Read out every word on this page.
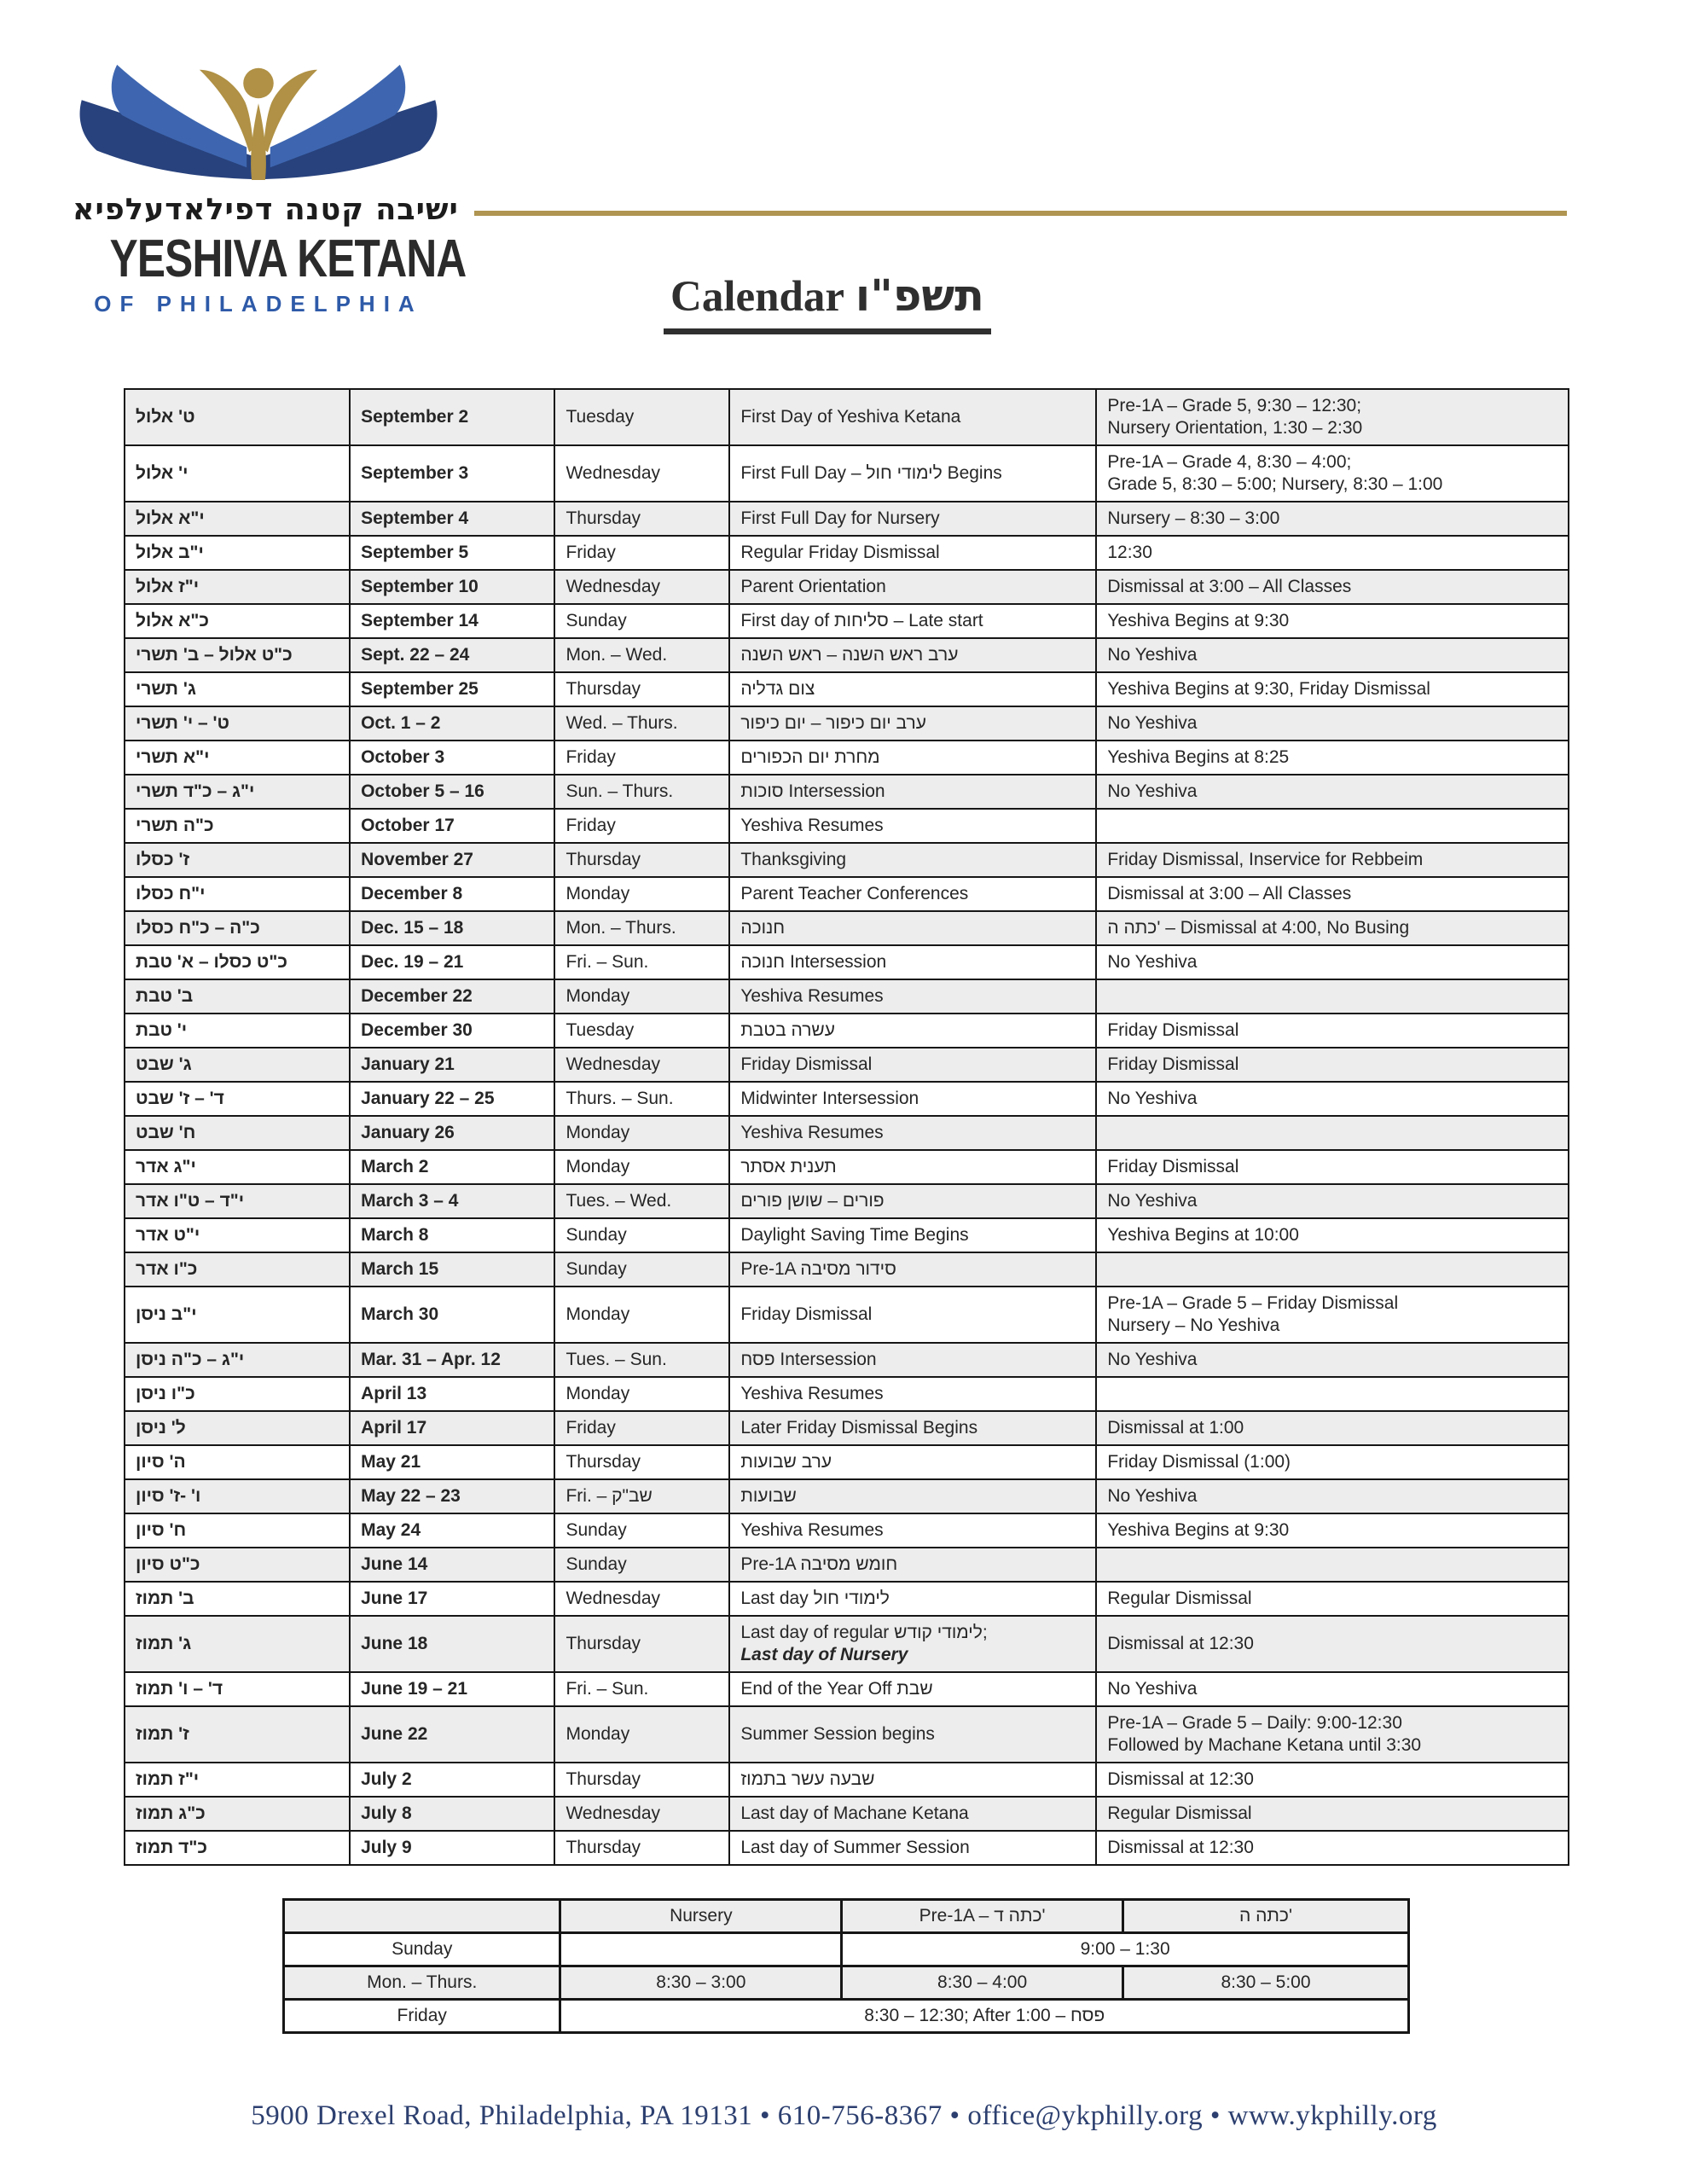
ישיבה קטנה דפילאדעלפיא
YESHIVA KETANA
OF PHILADELPHIA	Calendar תשפ"ו
ט' אלול	September 2	Tuesday	First Day of Yeshiva Ketana	Pre-1A – Grade 5, 9:30 – 12:30;
Nursery Orientation, 1:30 – 2:30

י' אלול	September 3	Wednesday	First Full Day – לימודי חול Begins	Pre-1A – Grade 4, 8:30 – 4:00;
Grade 5, 8:30 – 5:00; Nursery, 8:30 – 1:00

י"א אלול	September 4	Thursday	First Full Day for Nursery	Nursery – 8:30 – 3:00

י"ב אלול	September 5	Friday	Regular Friday Dismissal	12:30

י"ז אלול	September 10	Wednesday	Parent Orientation	Dismissal at 3:00 – All Classes

כ"א אלול	September 14	Sunday	First day of סליחות – Late start	Yeshiva Begins at 9:30

כ"ט אלול – ב' תשרי	Sept. 22 – 24	Mon. – Wed.	ערב ראש השנה – ראש השנה	No Yeshiva

ג' תשרי	September 25	Thursday	צום גדליה	Yeshiva Begins at 9:30, Friday Dismissal

ט' – י' תשרי	Oct. 1 – 2	Wed. – Thurs.	ערב יום כיפור – יום כיפור	No Yeshiva

י"א תשרי	October 3	Friday	מחרת יום הכפורים	Yeshiva Begins at 8:25

י"ג – כ"ד תשרי	October 5 – 16	Sun. – Thurs.	סוכות Intersession	No Yeshiva

כ"ה תשרי	October 17	Friday	Yeshiva Resumes	

ז' כסלו	November 27	Thursday	Thanksgiving	Friday Dismissal, Inservice for Rebbeim

י"ח כסלו	December 8	Monday	Parent Teacher Conferences	Dismissal at 3:00 – All Classes

כ"ה – כ"ח כסלו	Dec. 15 – 18	Mon. – Thurs.	חנוכה	כתה ה' – Dismissal at 4:00, No Busing

כ"ט כסלו – א' טבת	Dec. 19 – 21	Fri. – Sun.	חנוכה Intersession	No Yeshiva

ב' טבת	December 22	Monday	Yeshiva Resumes	

י' טבת	December 30	Tuesday	עשרה בטבת	Friday Dismissal

ג' שבט	January 21	Wednesday	Friday Dismissal	Friday Dismissal

ד' – ז' שבט	January 22 – 25	Thurs. – Sun.	Midwinter Intersession	No Yeshiva

ח' שבט	January 26	Monday	Yeshiva Resumes	

י"ג אדר	March 2	Monday	תענית אסתר	Friday Dismissal

י"ד – ט"ו אדר	March 3 – 4	Tues. – Wed.	פורים – שושן פורים	No Yeshiva

י"ט אדר	March 8	Sunday	Daylight Saving Time Begins	Yeshiva Begins at 10:00

כ"ו אדר	March 15	Sunday	Pre-1A סידור מסיבה	

י"ב ניסן	March 30	Monday	Friday Dismissal	Pre-1A – Grade 5 – Friday Dismissal
Nursery – No Yeshiva

י"ג – כ"ה ניסן	Mar. 31 – Apr. 12	Tues. – Sun.	פסח Intersession	No Yeshiva

כ"ו ניסן	April 13	Monday	Yeshiva Resumes	

ל' ניסן	April 17	Friday	Later Friday Dismissal Begins	Dismissal at 1:00

ה' סיון	May 21	Thursday	ערב שבועות	Friday Dismissal (1:00)

ו' -ז' סיון	May 22 – 23	Fri. – שב"ק	שבועות	No Yeshiva

ח' סיון	May 24	Sunday	Yeshiva Resumes	Yeshiva Begins at 9:30

כ"ט סיון	June 14	Sunday	Pre-1A חומש מסיבה	

ב' תמוז	June 17	Wednesday	Last day לימודי חול	Regular Dismissal

ג' תמוז	June 18	Thursday	Last day of regular לימודי קודש;
Last day of Nursery	Dismissal at 12:30

ד' – ו' תמוז	June 19 – 21	Fri. – Sun.	End of the Year Off שבת	No Yeshiva

ז' תמוז	June 22	Monday	Summer Session begins	Pre-1A – Grade 5 – Daily: 9:00-12:30
Followed by Machane Ketana until 3:30

י"ז תמוז	July 2	Thursday	שבעה עשר בתמוז	Dismissal at 12:30

כ"ג תמוז	July 8	Wednesday	Last day of Machane Ketana	Regular Dismissal

כ"ד תמוז	July 9	Thursday	Last day of Summer Session	Dismissal at 12:30
	Nursery	Pre-1A – כתה ד'	כתה ה'
Sunday		9:00 – 1:30	
Mon. – Thurs.	8:30 – 3:00	8:30 – 4:00	8:30 – 5:00
Friday	8:30 – 12:30; After פסח – 1:00		
5900 Drexel Road, Philadelphia, PA 19131 • 610-756-8367 • office@ykphilly.org • www.ykphilly.org
